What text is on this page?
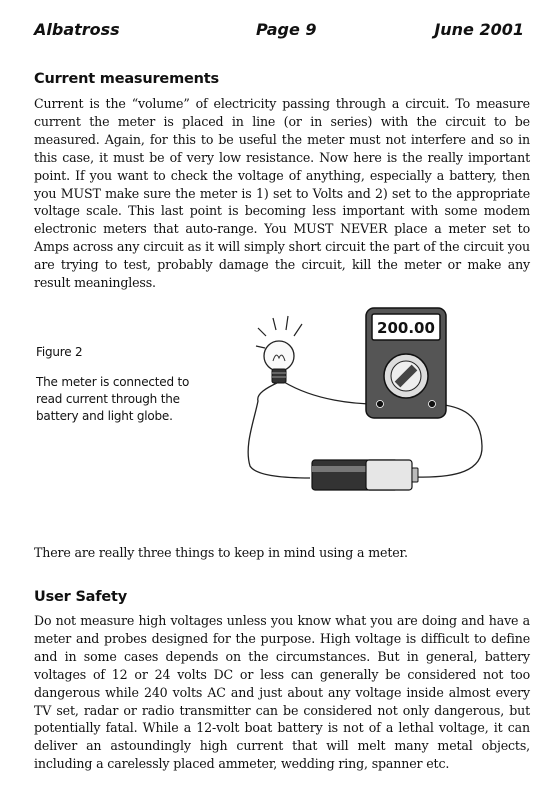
Albatross	Page 9	June 2001
Current measurements
Current is the “volume” of electricity passing through a circuit. To measure current the meter is placed in line (or in series) with the circuit to be measured. Again, for this to be useful the meter must not interfere and so in this case, it must be of very low resistance. Now here is the really important point. If you want to check the voltage of anything, especially a battery, then you MUST make sure the meter is 1) set to Volts and 2) set to the appropriate voltage scale. This last point is becoming less important with some modem electronic meters that auto-range. You MUST NEVER place a meter set to Amps across any circuit as it will simply short circuit the part of the circuit you are trying to test, probably damage the circuit, kill the meter or make any result meaningless.
Figure 2
The meter is connected to read current through the battery and light globe.
200.00
There are really three things to keep in mind using a meter.
User Safety
Do not measure high voltages unless you know what you are doing and have a meter and probes designed for the purpose. High voltage is difficult to define and in some cases depends on the circumstances. But in general, battery voltages of 12 or 24 volts DC or less can generally be considered not too dangerous while 240 volts AC and just about any voltage inside almost every TV set, radar or radio transmitter can be considered not only dangerous, but potentially fatal. While a 12-volt boat battery is not of a lethal voltage, it can deliver an astoundingly high current that will melt many metal objects, including a carelessly placed ammeter, wedding ring, spanner etc.
